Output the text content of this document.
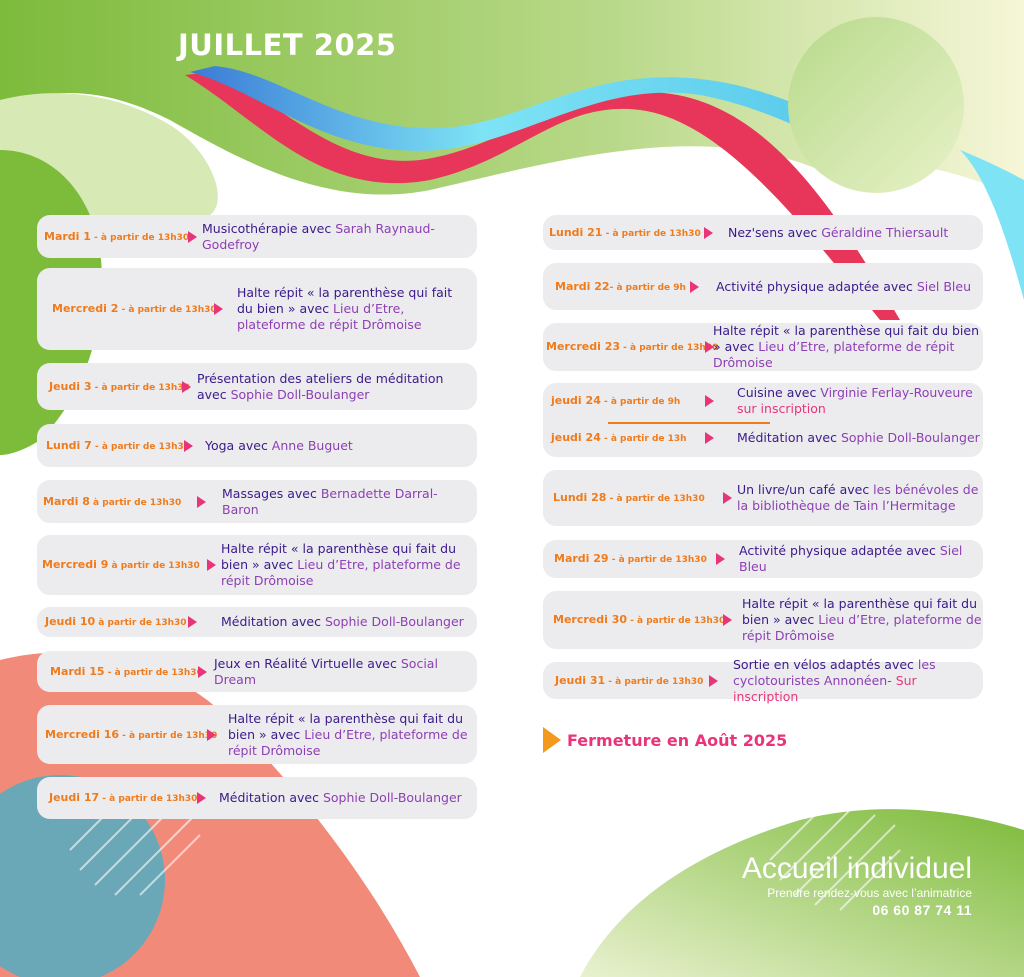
JUILLET 2025
Mardi 1 - à partir de 13h30
Musicothérapie avec Sarah Raynaud-Godefroy
Mercredi 2 - à partir de 13h30
Halte répit « la parenthèse qui fait du bien » avec Lieu d’Etre, plateforme de répit Drômoise
Jeudi 3 - à partir de 13h30
Présentation des ateliers de méditation avec Sophie Doll-Boulanger
Lundi 7 - à partir de 13h30 Yoga avec Anne Buguet
Mardi 8 à partir de 13h30
Massages avec Bernadette Darral-Baron
Mercredi 9 à partir de 13h30
Halte répit « la parenthèse qui fait du bien » avec Lieu d’Etre, plateforme de répit Drômoise
Jeudi 10 à partir de 13h30	Méditation avec Sophie Doll-Boulanger
Mardi 15 - à partir de 13h30
Jeux en Réalité Virtuelle avec Social Dream
Mercredi 16 - à partir de 13h30
Halte répit « la parenthèse qui fait du bien » avec Lieu d’Etre, plateforme de répit Drômoise
Jeudi 17 - à partir de 13h30 Méditation avec Sophie Doll-Boulanger
Lundi 21 - à partir de 13h30 Nez'sens avec Géraldine Thiersault
Mardi 22- à partir de 9h Activité physique adaptée avec Siel Bleu
Mercredi 23 - à partir de 13h30
Halte répit « la parenthèse qui fait du bien » avec Lieu d’Etre, plateforme de répit Drômoise
jeudi 24 - à partir de 9h
Cuisine avec Virginie Ferlay-Rouveure
sur inscription
jeudi 24 - à partir de 13h	Méditation avec Sophie Doll-Boulanger
Lundi 28 - à partir de 13h30
Un livre/un café avec les bénévoles de la bibliothèque de Tain l’Hermitage
Mardi 29 - à partir de 13h30
Activité physique adaptée avec Siel Bleu
Mercredi 30 - à partir de 13h30
Halte répit « la parenthèse qui fait du bien » avec Lieu d’Etre, plateforme de répit Drômoise
Jeudi 31 - à partir de 13h30
Sortie en vélos adaptés avec les cyclotouristes Annonéen- Sur inscription
Fermeture en Août 2025
Accueil individuel
Prendre rendez-vous avec l’animatrice
06 60 87 74 11
